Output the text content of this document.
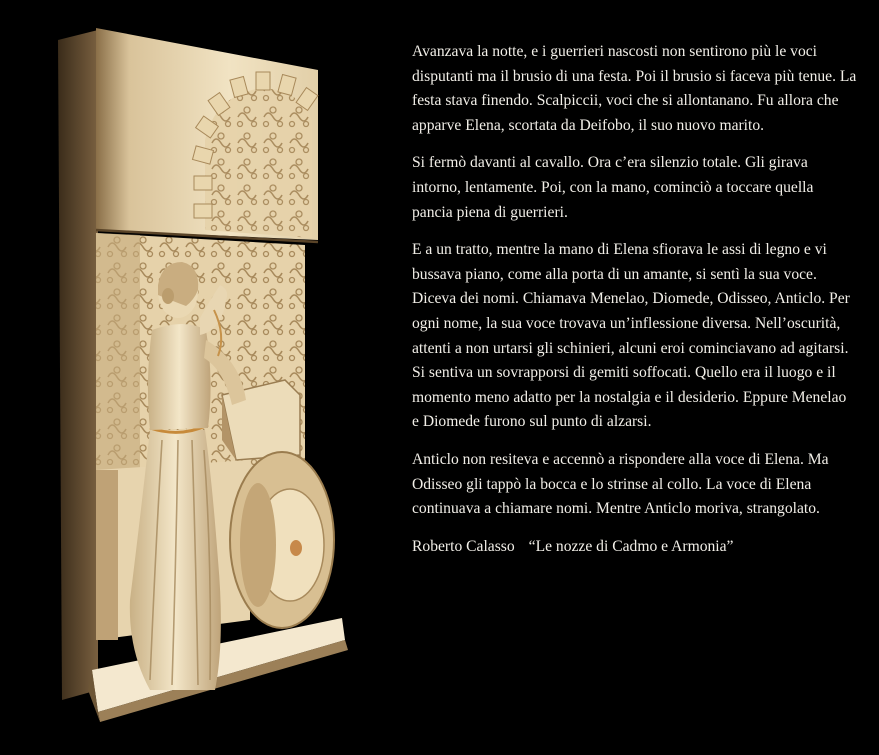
Avanzava la notte, e i guerrieri nascosti non sentirono più le voci disputanti ma il brusio di una festa. Poi il brusio si faceva più tenue. La festa stava finendo. Scalpiccii, voci che si allontanano. Fu allora che apparve Elena, scortata da Deifobo, il suo nuovo marito.

Si fermò davanti al cavallo. Ora c’era silenzio totale. Gli girava intorno, lentamente. Poi, con la mano, cominciò a toccare quella pancia piena di guerrieri.

E a un tratto, mentre la mano di Elena sfiorava le assi di legno e vi bussava piano, come alla porta di un amante, si sentì la sua voce. Diceva dei nomi. Chiamava Menelao, Diomede, Odisseo, Anticlo. Per ogni nome, la sua voce trovava un’inflessione diversa. Nell’oscurità, attenti a non urtarsi gli schinieri, alcuni eroi cominciavano ad agitarsi. Si sentiva un sovrapporsi di gemiti soffocati. Quello era il luogo e il momento meno adatto per la nostalgia e il desiderio. Eppure Menelao e Diomede furono sul punto di alzarsi.

Anticlo non resiteva e accennò a rispondere alla voce di Elena. Ma Odisseo gli tappò la bocca e lo strinse al collo. La voce di Elena continuava a chiamare nomi. Mentre Anticlo moriva, strangolato.

Roberto Calasso “Le nozze di Cadmo e Armonia”
